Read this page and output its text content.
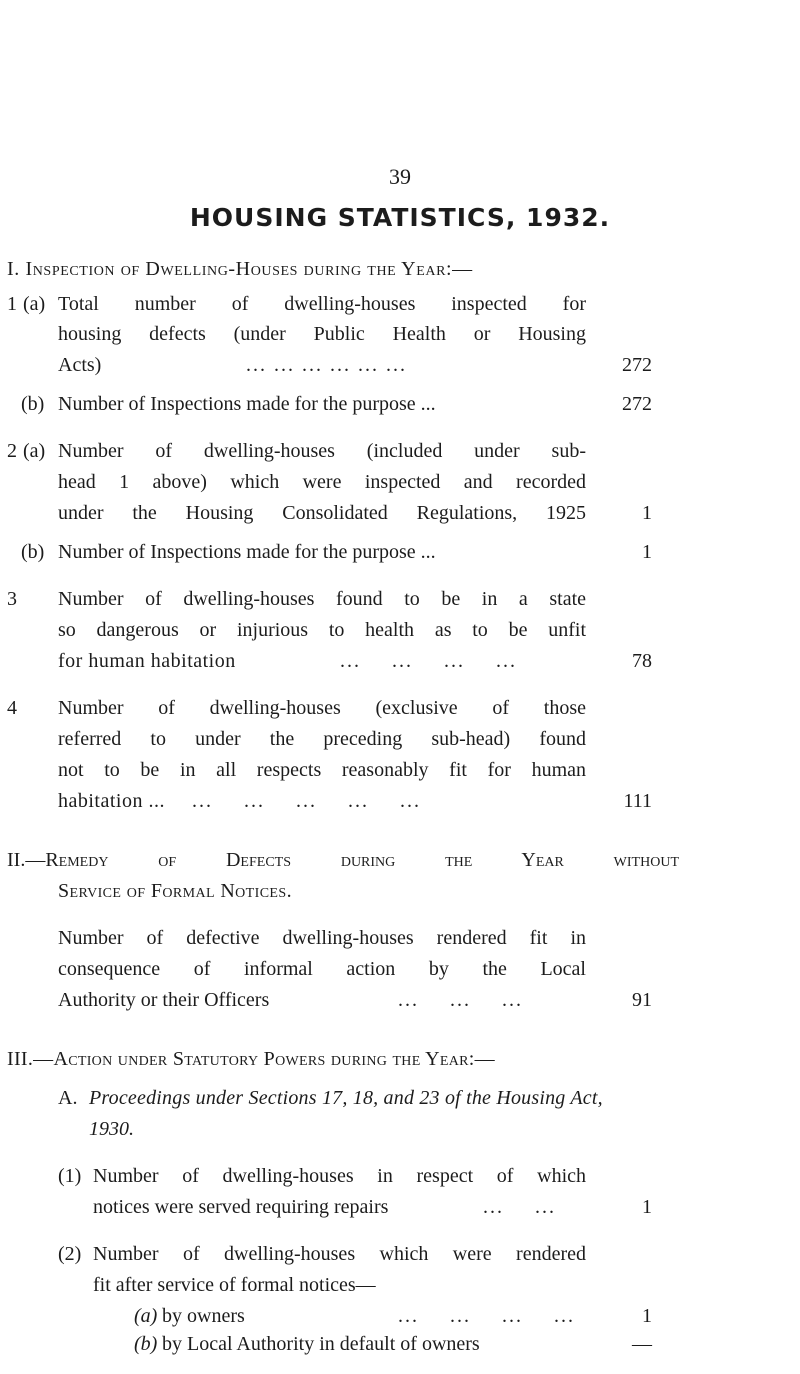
39
HOUSING STATISTICS, 1932.
I. Inspection of Dwelling-Houses during the Year:—
1 (a) Total number of dwelling-houses inspected for
housing defects (under Public Health or Housing
Acts)	... ... ... ... ... ...	272
(b) Number of Inspections made for the purpose ...	272
2 (a) Number of dwelling-houses (included under sub-
head 1 above) which were inspected and recorded
under the Housing Consolidated Regulations, 1925	1
(b) Number of Inspections made for the purpose ...	1
3 Number of dwelling-houses found to be in a state
so dangerous or injurious to health as to be unfit
for human habitation	... ... ... ...	78
4 Number of dwelling-houses (exclusive of those
referred to under the preceding sub-head) found
not to be in all respects reasonably fit for human
habitation ... ... ... ... ... ...	111
II.—Remedy of Defects during the Year without
Service of Formal Notices.
Number of defective dwelling-houses rendered fit in
consequence of informal action by the Local
Authority or their Officers	... ... ...	91
III.—Action under Statutory Powers during the Year:—
A. Proceedings under Sections 17, 18, and 23 of the Housing Act,
1930.
(1) Number of dwelling-houses in respect of which
notices were served requiring repairs	... ...	1
(2) Number of dwelling-houses which were rendered
fit after service of formal notices—
(a) by owners	... ... ... ...	1
(b) by Local Authority in default of owners	—
